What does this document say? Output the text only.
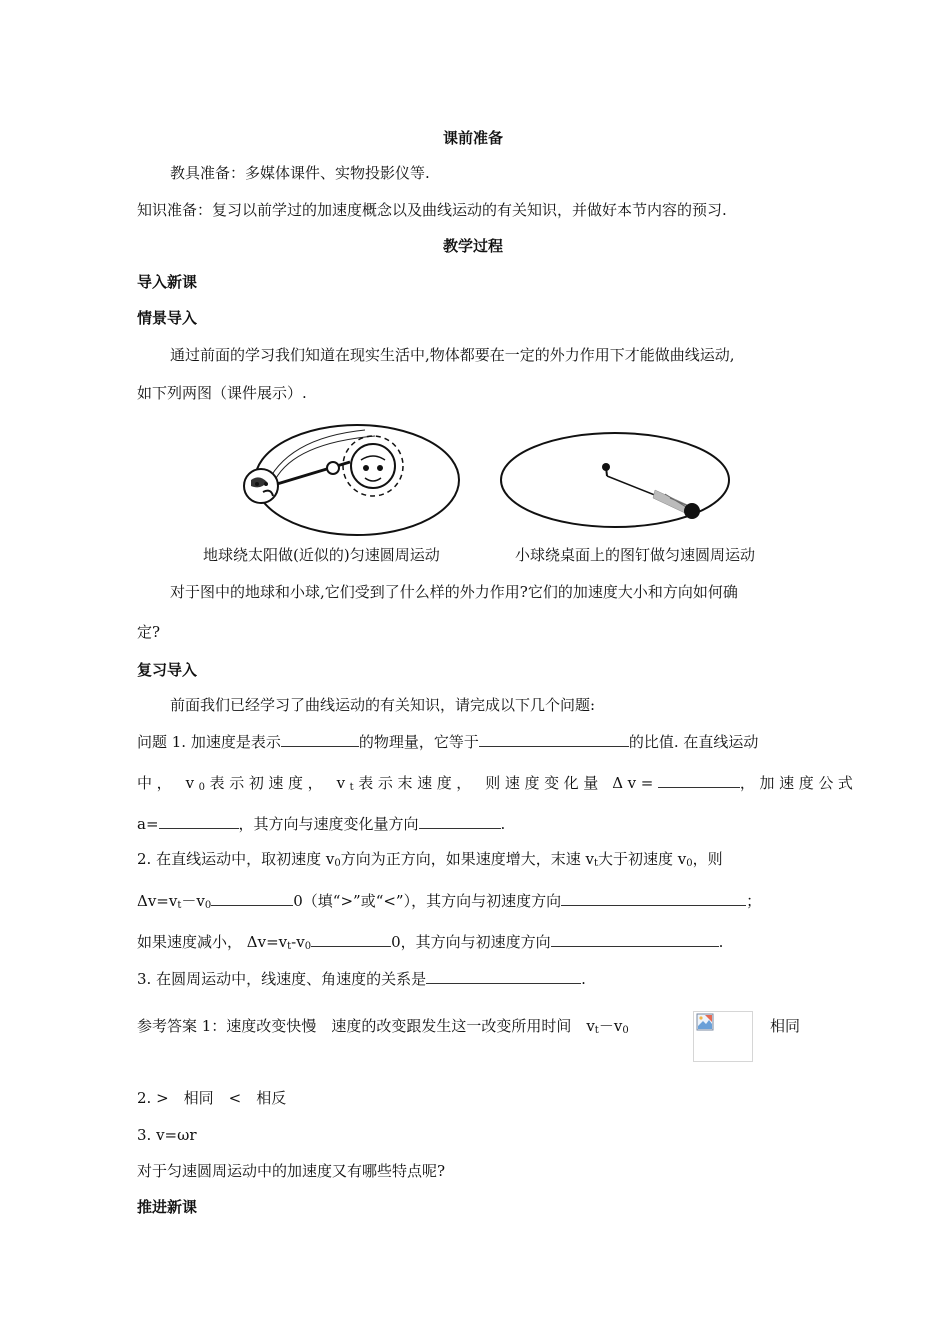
课前准备
教具准备：多媒体课件、实物投影仪等.
知识准备：复习以前学过的加速度概念以及曲线运动的有关知识，并做好本节内容的预习.
教学过程
导入新课
情景导入
通过前面的学习我们知道在现实生活中,物体都要在一定的外力作用下才能做曲线运动,
如下列两图（课件展示）.
地球绕太阳做(近似的)匀速圆周运动	小球绕桌面上的图钉做匀速圆周运动
对于图中的地球和小球,它们受到了什么样的外力作用?它们的加速度大小和方向如何确
定?
复习导入
前面我们已经学习了曲线运动的有关知识，请完成以下几个问题:
问题 1. 加速度是表示	的物理量，它等于	的比值. 在直线运动
中， $v_0$表示初速度， $v_t$表示末速度， 则速度变化量 Δv=	，加速度公式
a=	，其方向与速度变化量方向	.
2. 在直线运动中，取初速度 $v_0$方向为正方向，如果速度增大，末速 $v_t$大于初速度 $v_0$，则
$\Delta v=v_t-v_0$	0（填“>”或“<”），其方向与初速度方向	；
如果速度减小， $\Delta v=v_t-v_0$	0，其方向与初速度方向	.
3. 在圆周运动中，线速度、角速度的关系是	.
参考答案 1：速度改变快慢　速度的改变跟发生这一改变所用时间　$v_t-v_0$	相同
2. >　相同　<　相反
3. v=ωr
对于匀速圆周运动中的加速度又有哪些特点呢?
推进新课
